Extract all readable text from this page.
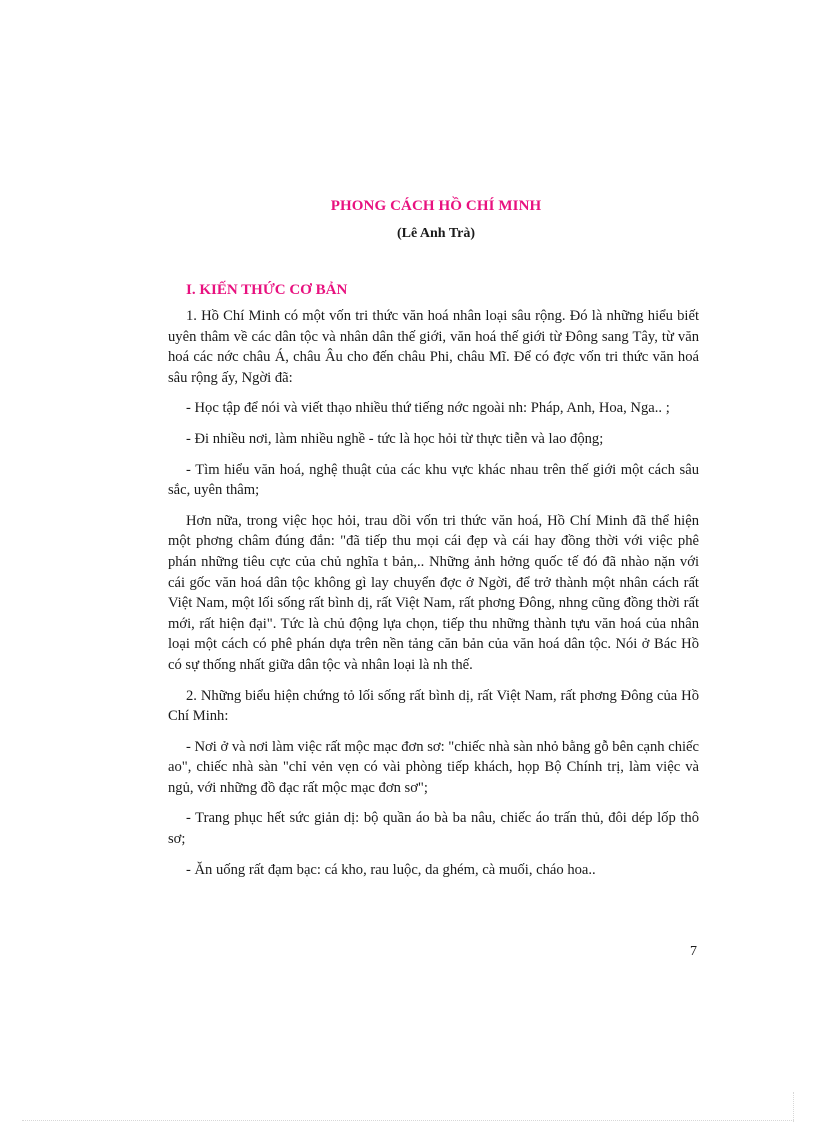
PHONG CÁCH HỒ CHÍ MINH
(Lê Anh Trà)
I. KIẾN THỨC CƠ BẢN

1. Hồ Chí Minh có một vốn tri thức văn hoá nhân loại sâu rộng. Đó là những hiểu biết uyên thâm về các dân tộc và nhân dân thế giới, văn hoá thế giới từ Đông sang Tây, từ văn hoá các nớc châu Á, châu Âu cho đến châu Phi, châu Mĩ. Để có đợc vốn tri thức văn hoá sâu rộng ấy, Ngời đã:

- Học tập để nói và viết thạo nhiều thứ tiếng nớc ngoài nh: Pháp, Anh, Hoa, Nga.. ;

- Đi nhiều nơi, làm nhiều nghề - tức là học hỏi từ thực tiễn và lao động;

- Tìm hiểu văn hoá, nghệ thuật của các khu vực khác nhau trên thế giới một cách sâu sắc, uyên thâm;

Hơn nữa, trong việc học hỏi, trau dồi vốn tri thức văn hoá, Hồ Chí Minh đã thể hiện một phơng châm đúng đắn: "đã tiếp thu mọi cái đẹp và cái hay đồng thời với việc phê phán những tiêu cực của chủ nghĩa t bản,.. Những ảnh hởng quốc tế đó đã nhào nặn với cái gốc văn hoá dân tộc không gì lay chuyển đợc ở Ngời, để trở thành một nhân cách rất Việt Nam, một lối sống rất bình dị, rất Việt Nam, rất phơng Đông, nhng cũng đồng thời rất mới, rất hiện đại". Tức là chủ động lựa chọn, tiếp thu những thành tựu văn hoá của nhân loại một cách có phê phán dựa trên nền tảng căn bản của văn hoá dân tộc. Nói ở Bác Hồ có sự thống nhất giữa dân tộc và nhân loại là nh thế.

2. Những biểu hiện chứng tỏ lối sống rất bình dị, rất Việt Nam, rất phơng Đông của Hồ Chí Minh:

- Nơi ở và nơi làm việc rất mộc mạc đơn sơ: "chiếc nhà sàn nhỏ bằng gỗ bên cạnh chiếc ao", chiếc nhà sàn "chỉ vẻn vẹn có vài phòng tiếp khách, họp Bộ Chính trị, làm việc và ngủ, với những đồ đạc rất mộc mạc đơn sơ";

- Trang phục hết sức giản dị: bộ quần áo bà ba nâu, chiếc áo trấn thủ, đôi dép lốp thô sơ;

- Ăn uống rất đạm bạc: cá kho, rau luộc, da ghém, cà muối, cháo hoa..

7
